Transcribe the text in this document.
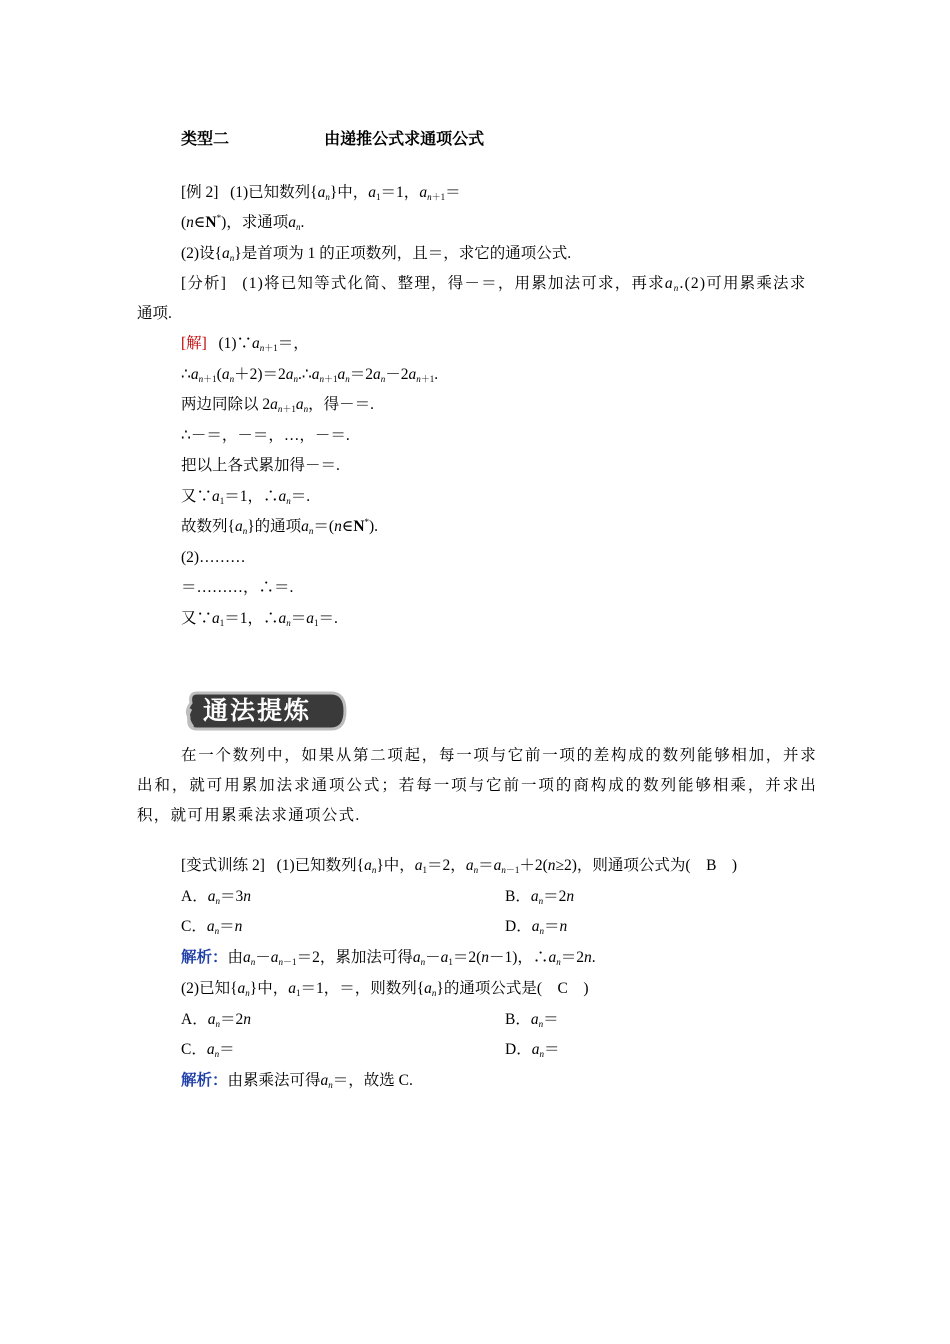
类型二	由递推公式求通项公式
[例 2] (1)已知数列$\{a_n\}$中，$a_1=1$，$a_{n+1}=$
(n∈N*)，求通项$a_n$.
(2)设$\{a_n\}$是首项为 1 的正项数列，且＝，求它的通项公式.
[分析] (1)将已知等式化简、整理，得－＝，用累加法可求，再求$a_n.(2)$可用累乘法求
通项.
[解] $(1)\because a_{n+1}=$，
$\therefore a_{n+1}(a_n+2)=2a_n.\therefore a_{n+1}a_n=2a_n-2a_{n+1}$.
两边同除以 $2a_{n+1}a_n$，得－＝.
∴－＝，－＝，…，－＝.
把以上各式累加得－＝.
又$\because a_1=1$，$\therefore a_n=$.
故数列$\{a_n\}$的通项$a_n=(n\in N^*)$.
(2)………
＝………，∴＝.
又$\because a_1=1$，$\therefore a_n=a_1=$.
通法提炼
在一个数列中，如果从第二项起，每一项与它前一项的差构成的数列能够相加，并求出和，就可用累加法求通项公式；若每一项与它前一项的商构成的数列能够相乘，并求出积，就可用累乘法求通项公式.
[变式训练 2] (1)已知数列$\{a_n\}$中，$a_1=2$，$a_n=a_{n-1}+2(n\ge 2)$，则通项公式为(　B　)
A．$a_n=3n$	B．$a_n=2n$
C．$a_n=n$	D．$a_n=n$
解析：由$a_n-a_{n-1}=2$，累加法可得$a_n-a_1=2(n-1)$，$\therefore a_n=2n$.
(2)已知$\{a_n\}$中，$a_1=1$，＝，则数列$\{a_n\}$的通项公式是(　C　)
A．$a_n=2n$	B．$a_n=$
C．$a_n=$	D．$a_n=$
解析：由累乘法可得$a_n=$，故选 C.
